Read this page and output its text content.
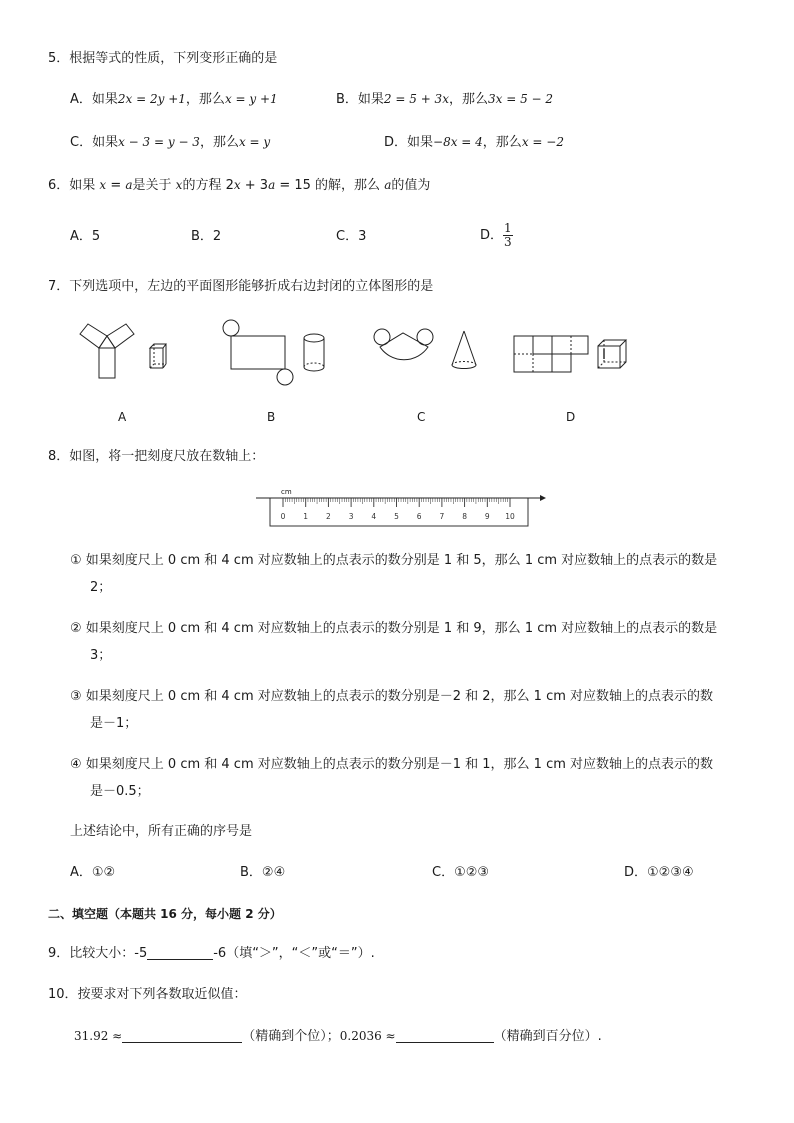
5．根据等式的性质，下列变形正确的是
A．如果2x = 2y +1，那么x = y +1	B．如果2 = 5 + 3x，那么3x = 5 − 2
C．如果x − 3 = y − 3，那么x = y	D．如果−8x = 4，那么x = −2
6．如果 x = a是关于 x的方程 2x + 3a = 15 的解，那么 a的值为
A．5	B．2	C．3	D． $\frac{1}{3}$
7．下列选项中，左边的平面图形能够折成右边封闭的立体图形的是
A	B	C	D
8．如图，将一把刻度尺放在数轴上：
0 1 2 3 4 5 6 7 8 9 10
cm
① 如果刻度尺上 0 cm 和 4 cm 对应数轴上的点表示的数分别是 1 和 5，那么 1 cm 对应数轴上的点表示的数是
2；
② 如果刻度尺上 0 cm 和 4 cm 对应数轴上的点表示的数分别是 1 和 9，那么 1 cm 对应数轴上的点表示的数是
3；
③ 如果刻度尺上 0 cm 和 4 cm 对应数轴上的点表示的数分别是－2 和 2，那么 1 cm 对应数轴上的点表示的数
是－1；
④ 如果刻度尺上 0 cm 和 4 cm 对应数轴上的点表示的数分别是－1 和 1，那么 1 cm 对应数轴上的点表示的数
是－0.5；
上述结论中，所有正确的序号是
A．①②	B．②④	C．①②③	D．①②③④
二、填空题（本题共 16 分，每小题 2 分）
9．比较大小：-5	-6（填“＞”，“＜”或“＝”）.
10．按要求对下列各数取近似值：
31.92 ≈	（精确到个位）；0.2036 ≈	（精确到百分位）.
